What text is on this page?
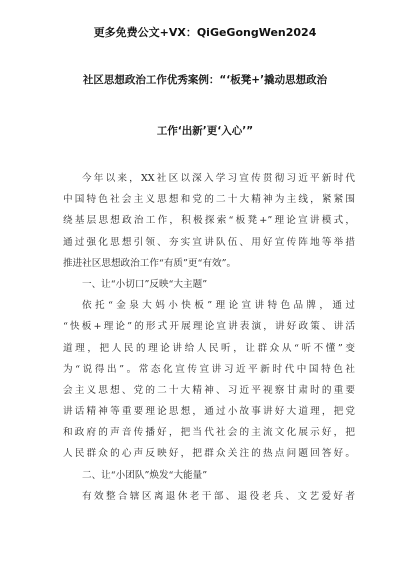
更多免费公文+VX：QiGeGongWen2024
社区思想政治工作优秀案例：“‘板凳+’撬动思想政治
工作‘出新’更‘入心’”
今年以来，XX社区以深入学习宣传贯彻习近平新时代
中国特色社会主义思想和党的二十大精神为主线，紧紧围
绕基层思想政治工作，积极探索“板凳+”理论宣讲模式，
通过强化思想引领、夯实宣讲队伍、用好宣传阵地等举措
推进社区思想政治工作“有质”更“有效”。
一、让“小切口”反映“大主题”
依托“金泉大妈小快板”理论宣讲特色品牌，通过
“快板+理论”的形式开展理论宣讲表演，讲好政策、讲活
道理，把人民的理论讲给人民听，让群众从“听不懂”变
为“说得出”。常态化宣传宣讲习近平新时代中国特色社
会主义思想、党的二十大精神、习近平视察甘肃时的重要
讲话精神等重要理论思想，通过小故事讲好大道理，把党
和政府的声音传播好，把当代社会的主流文化展示好，把
人民群众的心声反映好，把群众关注的热点问题回答好。
二、让“小团队”焕发“大能量”
有效整合辖区离退休老干部、退役老兵、文艺爱好者
